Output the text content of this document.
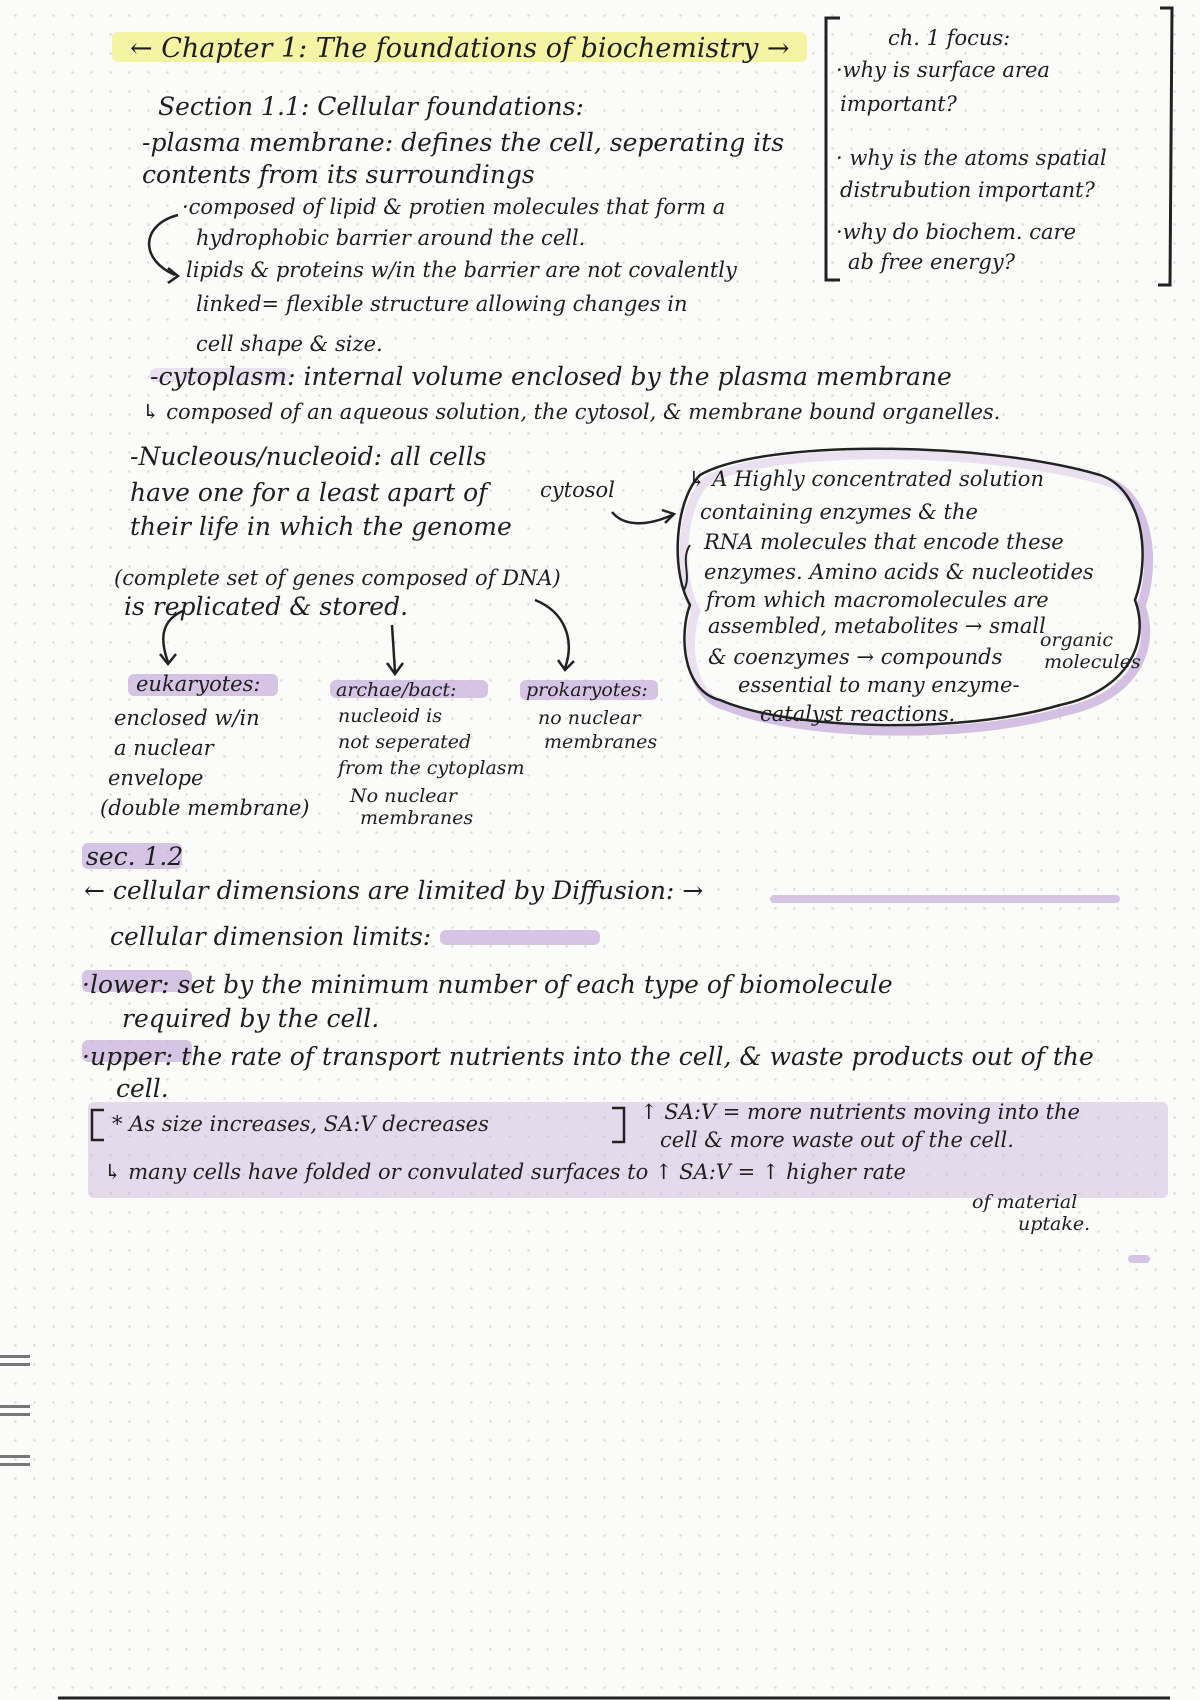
← Chapter 1: The foundations of biochemistry →	ch. 1 focus:
·why is surface area
important?
· why is the atoms spatial
distrubution important?
·why do biochem. care
ab free energy?
Section 1.1: Cellular foundations:
-plasma membrane: defines the cell, seperating its
contents from its surroundings
·composed of lipid & protien molecules that form a
hydrophobic barrier around the cell.
lipids & proteins w/in the barrier are not covalently
linked= flexible structure allowing changes in
cell shape & size.
-cytoplasm: internal volume enclosed by the plasma membrane
↳ composed of an aqueous solution, the cytosol, & membrane bound organelles.
-Nucleous/nucleoid: all cells
have one for a least apart of
their life in which the genome
(complete set of genes composed of DNA)
is replicated & stored.
cytosol	↳ A Highly concentrated solution
containing enzymes & the
RNA molecules that encode these
enzymes. Amino acids & nucleotides
from which macromolecules are
assembled, metabolites → small
organic
& coenzymes → compounds molecules
essential to many enzyme-
catalyst reactions.
eukaryotes:
enclosed w/in
a nuclear
envelope
(double membrane)
archae/bact:
nucleoid is
not seperated
from the cytoplasm
No nuclear
membranes
prokaryotes:
no nuclear
membranes
sec. 1.2
← cellular dimensions are limited by Diffusion: →
cellular dimension limits:
·lower: set by the minimum number of each type of biomolecule
required by the cell.
·upper: the rate of transport nutrients into the cell, & waste products out of the
cell.
* As size increases, SA:V decreases	↑ SA:V = more nutrients moving into the
cell & more waste out of the cell.
↳ many cells have folded or convulated surfaces to ↑ SA:V = ↑ higher rate
of material
uptake.
